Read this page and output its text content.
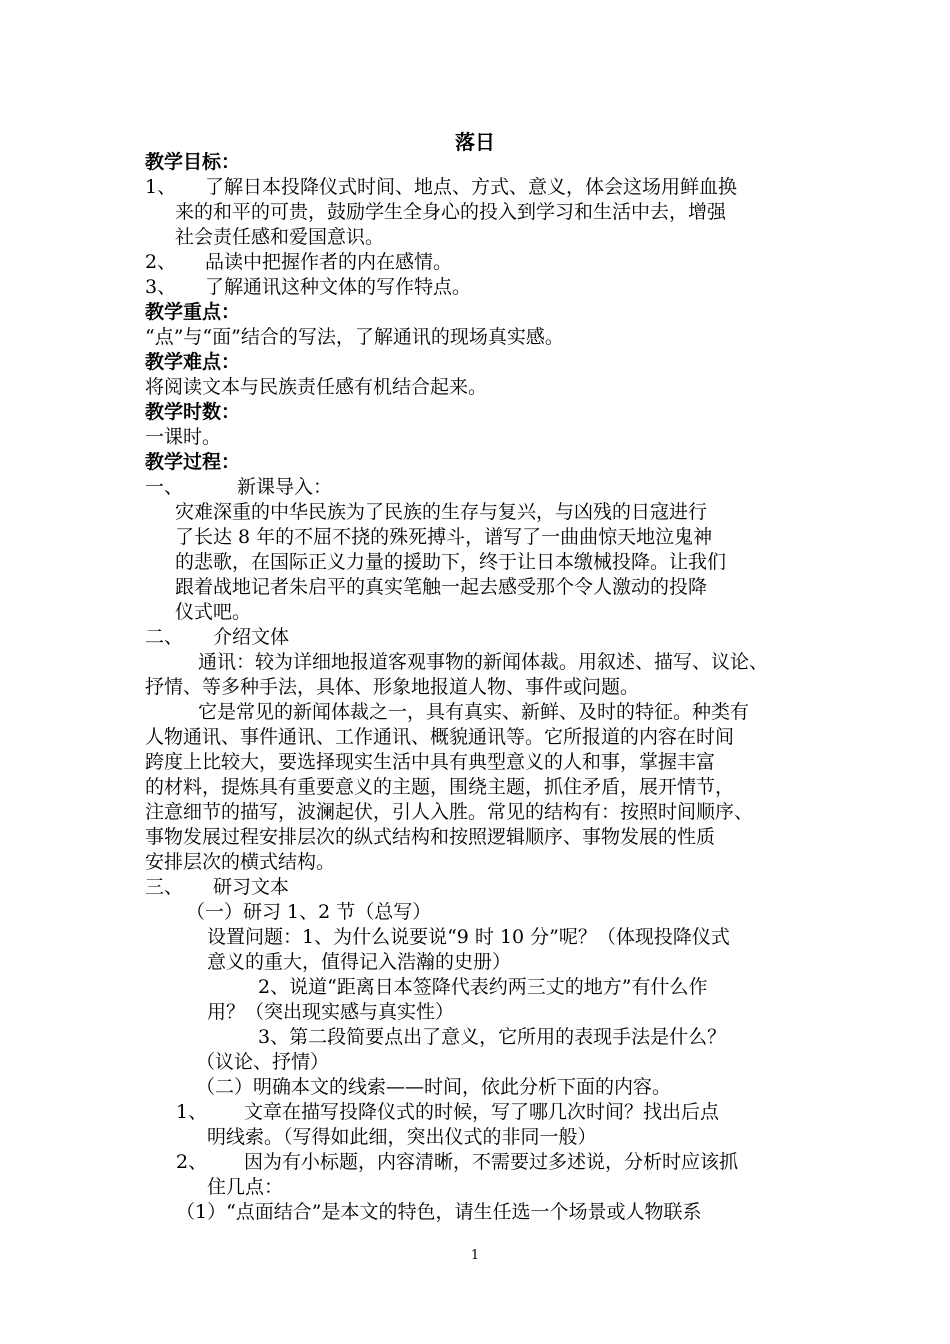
落日
教学目标：
1、 了解日本投降仪式时间、地点、方式、意义，体会这场用鲜血换
来的和平的可贵，鼓励学生全身心的投入到学习和生活中去，增强
社会责任感和爱国意识。
2、 品读中把握作者的内在感情。
3、 了解通讯这种文体的写作特点。
教学重点：
“点”与“面”结合的写法，了解通讯的现场真实感。
教学难点：
将阅读文本与民族责任感有机结合起来。
教学时数：
一课时。
教学过程：
一、	新课导入：
灾难深重的中华民族为了民族的生存与复兴，与凶残的日寇进行
了长达 8 年的不屈不挠的殊死搏斗，谱写了一曲曲惊天地泣鬼神
的悲歌，在国际正义力量的援助下，终于让日本缴械投降。让我们
跟着战地记者朱启平的真实笔触一起去感受那个令人激动的投降
仪式吧。
二、 介绍文体
通讯：较为详细地报道客观事物的新闻体裁。用叙述、描写、议论、
抒情、等多种手法，具体、形象地报道人物、事件或问题。
它是常见的新闻体裁之一，具有真实、新鲜、及时的特征。种类有
人物通讯、事件通讯、工作通讯、概貌通讯等。它所报道的内容在时间
跨度上比较大，要选择现实生活中具有典型意义的人和事，掌握丰富
的材料，提炼具有重要意义的主题，围绕主题，抓住矛盾，展开情节，
注意细节的描写，波澜起伏，引人入胜。常见的结构有：按照时间顺序、
事物发展过程安排层次的纵式结构和按照逻辑顺序、事物发展的性质
安排层次的横式结构。
三、 研习文本
（一）研习 1、2 节（总写）
设置问题：1、为什么说要说“9 时 10 分”呢？（体现投降仪式
意义的重大，值得记入浩瀚的史册）
2、说道“距离日本签降代表约两三丈的地方”有什么作
用？（突出现实感与真实性）
3、第二段简要点出了意义，它所用的表现手法是什么？
（议论、抒情）
（二）明确本文的线索——时间，依此分析下面的内容。
1、 文章在描写投降仪式的时候，写了哪几次时间？找出后点
明线索。（写得如此细，突出仪式的非同一般）
2、 因为有小标题，内容清晰，不需要过多述说，分析时应该抓
住几点：
（1）“点面结合”是本文的特色，请生任选一个场景或人物联系
1
